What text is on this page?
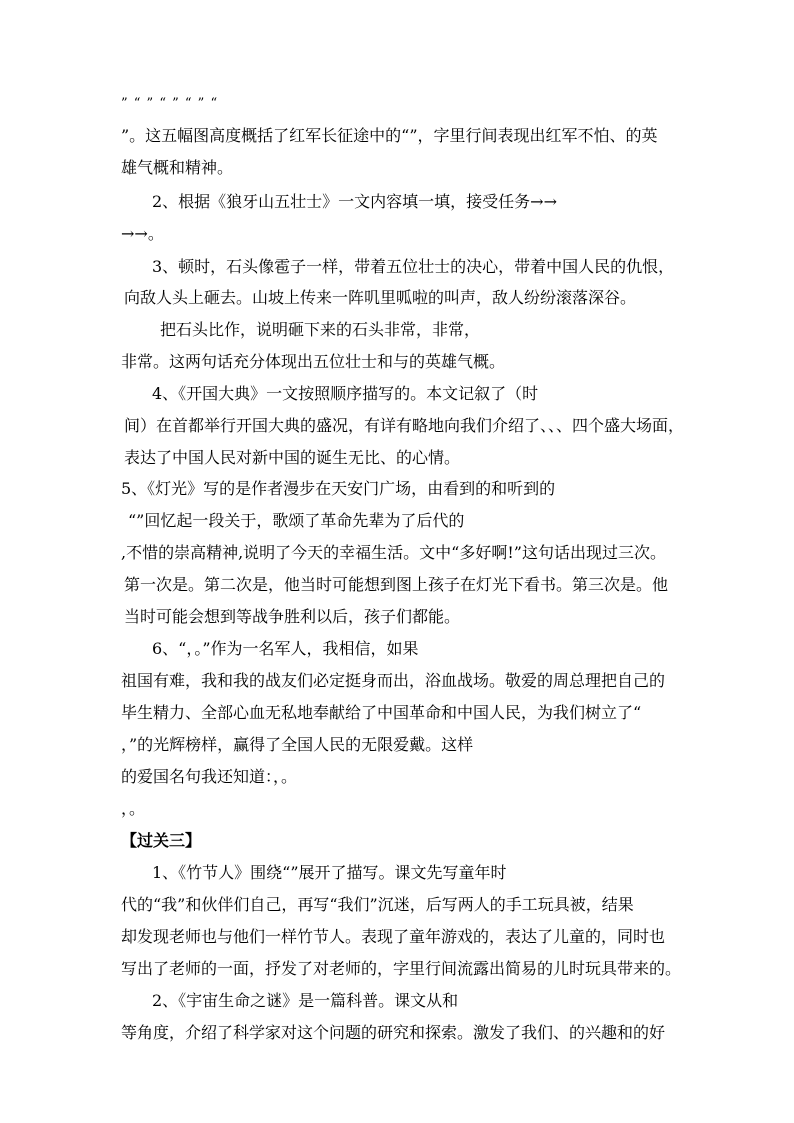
” “ ” “ ” “ ” “
”。这五幅图高度概括了红军长征途中的“”，字里行间表现出红军不怕、的英
雄气概和精神。
2、根据《狼牙山五壮士》一文内容填一填，接受任务→→
→→。
3、顿时，石头像雹子一样，带着五位壮士的决心，带着中国人民的仇恨，
向敌人头上砸去。山坡上传来一阵叽里呱啦的叫声，敌人纷纷滚落深谷。
把石头比作，说明砸下来的石头非常，非常，
非常。这两句话充分体现出五位壮士和与的英雄气概。
4、《开国大典》一文按照顺序描写的。本文记叙了（时
间）在首都举行开国大典的盛况，有详有略地向我们介绍了、、、四个盛大场面，
表达了中国人民对新中国的诞生无比、的心情。
5、《灯光》写的是作者漫步在天安门广场，由看到的和听到的
“”回忆起一段关于，歌颂了革命先辈为了后代的
,不惜的崇高精神,说明了今天的幸福生活。文中“多好啊!”这句话出现过三次。
第一次是。第二次是，他当时可能想到图上孩子在灯光下看书。第三次是。他
当时可能会想到等战争胜利以后，孩子们都能。
6、“，。”作为一名军人，我相信，如果
祖国有难，我和我的战友们必定挺身而出，浴血战场。敬爱的周总理把自己的
毕生精力、全部心血无私地奉献给了中国革命和中国人民，为我们树立了“
，”的光辉榜样，赢得了全国人民的无限爱戴。这样
的爱国名句我还知道：，。
，。
【过关三】
1、《竹节人》围绕“”展开了描写。课文先写童年时
代的“我”和伙伴们自己，再写“我们”沉迷，后写两人的手工玩具被，结果
却发现老师也与他们一样竹节人。表现了童年游戏的，表达了儿童的，同时也
写出了老师的一面，抒发了对老师的，字里行间流露出简易的儿时玩具带来的。
2、《宇宙生命之谜》是一篇科普。课文从和
等角度，介绍了科学家对这个问题的研究和探索。激发了我们、的兴趣和的好
